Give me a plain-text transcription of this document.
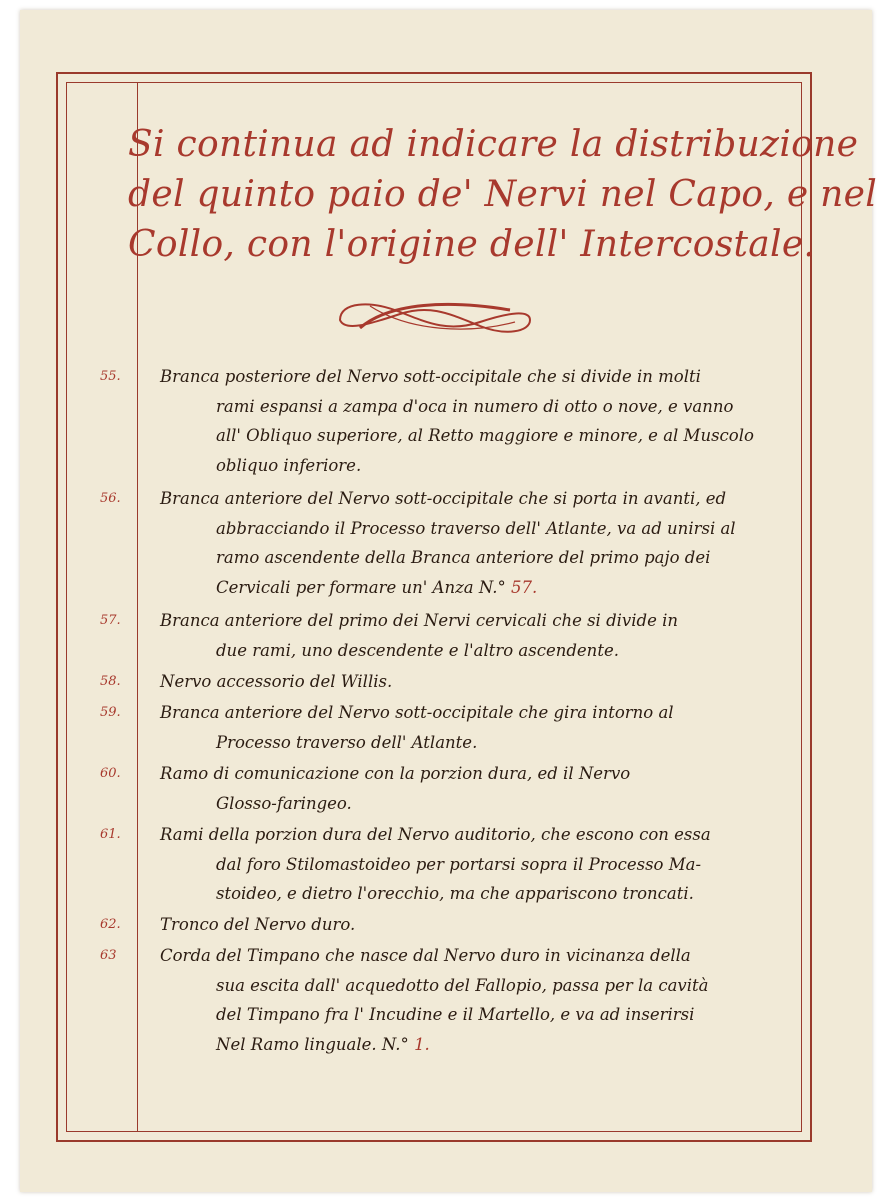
Si continua ad indicare la distribuzione
del quinto paio de' Nervi nel Capo, e nel
Collo, con l'origine dell' Intercostale.
55.	Branca posteriore del Nervo sott-occipitale che si divide in molti
rami espansi a zampa d'oca in numero di otto o nove, e vanno
all' Obliquo superiore, al Retto maggiore e minore, e al Muscolo
obliquo inferiore.
56.	Branca anteriore del Nervo sott-occipitale che si porta in avanti, ed
abbracciando il Processo traverso dell' Atlante, va ad unirsi al
ramo ascendente della Branca anteriore del primo pajo dei
Cervicali per formare un' Anza N.° 57.
57.	Branca anteriore del primo dei Nervi cervicali che si divide in
due rami, uno descendente e l'altro ascendente.
58.	Nervo accessorio del Willis.
59.	Branca anteriore del Nervo sott-occipitale che gira intorno al
Processo traverso dell' Atlante.
60.	Ramo di comunicazione con la porzion dura, ed il Nervo
Glosso-faringeo.
61.	Rami della porzion dura del Nervo auditorio, che escono con essa
dal foro Stilomastoideo per portarsi sopra il Processo Ma-
stoideo, e dietro l'orecchio, ma che appariscono troncati.
62.	Tronco del Nervo duro.
63	Corda del Timpano che nasce dal Nervo duro in vicinanza della
sua escita dall' acquedotto del Fallopio, passa per la cavità
del Timpano fra l' Incudine e il Martello, e va ad inserirsi
Nel Ramo linguale. N.° 1.
